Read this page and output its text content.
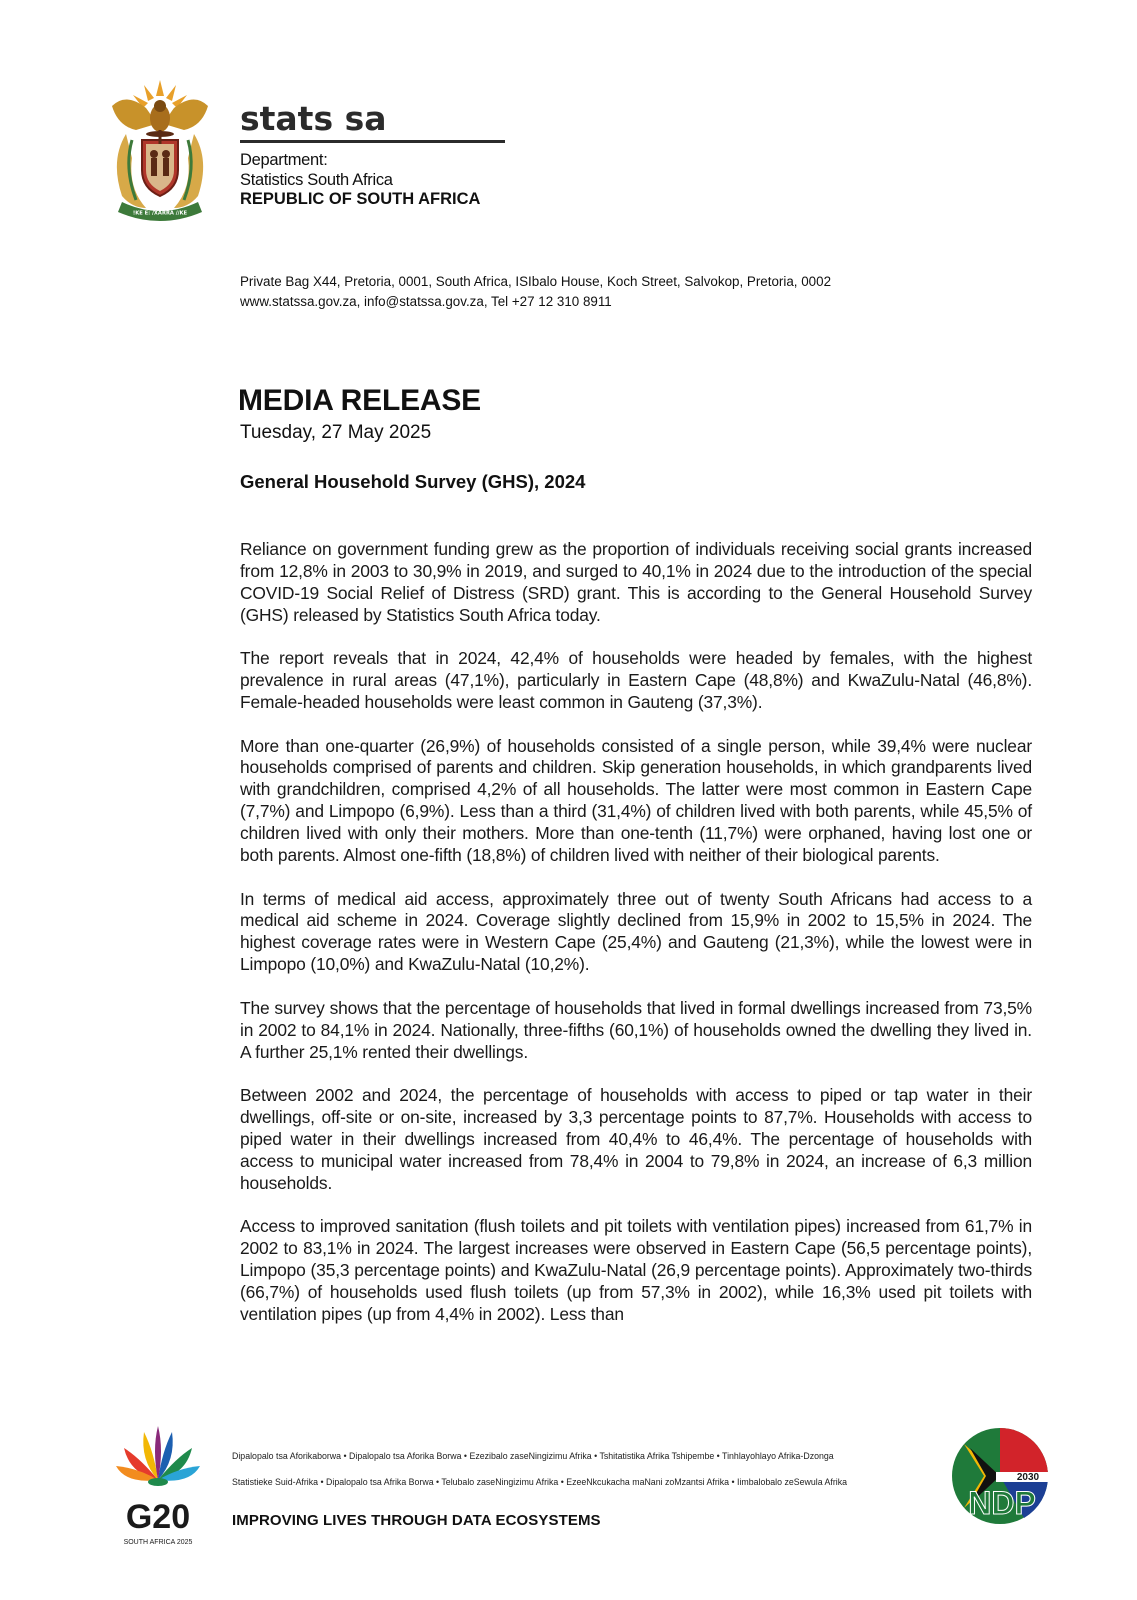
!KE E: /XARRA //KE
stats sa
Department:
Statistics South Africa
REPUBLIC OF SOUTH AFRICA
Private Bag X44, Pretoria, 0001, South Africa, ISIbalo House, Koch Street, Salvokop, Pretoria, 0002
www.statssa.gov.za, info@statssa.gov.za, Tel +27 12 310 8911
MEDIA RELEASE
Tuesday, 27 May 2025
General Household Survey (GHS), 2024

Reliance on government funding grew as the proportion of individuals receiving social grants increased from 12,8% in 2003 to 30,9% in 2019, and surged to 40,1% in 2024 due to the introduction of the special COVID-19 Social Relief of Distress (SRD) grant. This is according to the General Household Survey (GHS) released by Statistics South Africa today.

The report reveals that in 2024, 42,4% of households were headed by females, with the highest prevalence in rural areas (47,1%), particularly in Eastern Cape (48,8%) and KwaZulu-Natal (46,8%). Female-headed households were least common in Gauteng (37,3%).

More than one-quarter (26,9%) of households consisted of a single person, while 39,4% were nuclear households comprised of parents and children. Skip generation households, in which grandparents lived with grandchildren, comprised 4,2% of all households. The latter were most common in Eastern Cape (7,7%) and Limpopo (6,9%). Less than a third (31,4%) of children lived with both parents, while 45,5% of children lived with only their mothers. More than one-tenth (11,7%) were orphaned, having lost one or both parents. Almost one-fifth (18,8%) of children lived with neither of their biological parents.

In terms of medical aid access, approximately three out of twenty South Africans had access to a medical aid scheme in 2024. Coverage slightly declined from 15,9% in 2002 to 15,5% in 2024. The highest coverage rates were in Western Cape (25,4%) and Gauteng (21,3%), while the lowest were in Limpopo (10,0%) and KwaZulu-Natal (10,2%).

The survey shows that the percentage of households that lived in formal dwellings increased from 73,5% in 2002 to 84,1% in 2024. Nationally, three-fifths (60,1%) of households owned the dwelling they lived in. A further 25,1% rented their dwellings.

Between 2002 and 2024, the percentage of households with access to piped or tap water in their dwellings, off-site or on-site, increased by 3,3 percentage points to 87,7%. Households with access to piped water in their dwellings increased from 40,4% to 46,4%. The percentage of households with access to municipal water increased from 78,4% in 2004 to 79,8% in 2024, an increase of 6,3 million households.

Access to improved sanitation (flush toilets and pit toilets with ventilation pipes) increased from 61,7% in 2002 to 83,1% in 2024. The largest increases were observed in Eastern Cape (56,5 percentage points), Limpopo (35,3 percentage points) and KwaZulu-Natal (26,9 percentage points). Approximately two-thirds (66,7%) of households used flush toilets (up from 57,3% in 2002), while 16,3% used pit toilets with ventilation pipes (up from 4,4% in 2002). Less than

G20
SOUTH AFRICA 2025
Dipalopalo tsa Aforikaborwa • Dipalopalo tsa Aforika Borwa • Ezezibalo zaseNingizimu Afrika • Tshitatistika Afrika Tshipembe • Tinhlayohlayo Afrika-Dzonga
Statistieke Suid-Afrika • Dipalopalo tsa Afrika Borwa • Telubalo zaseNingizimu Afrika • EzeeNkcukacha maNani zoMzantsi Afrika • Iimbalobalo zeSewula Afrika
IMPROVING LIVES THROUGH DATA ECOSYSTEMS
2030
NDP
